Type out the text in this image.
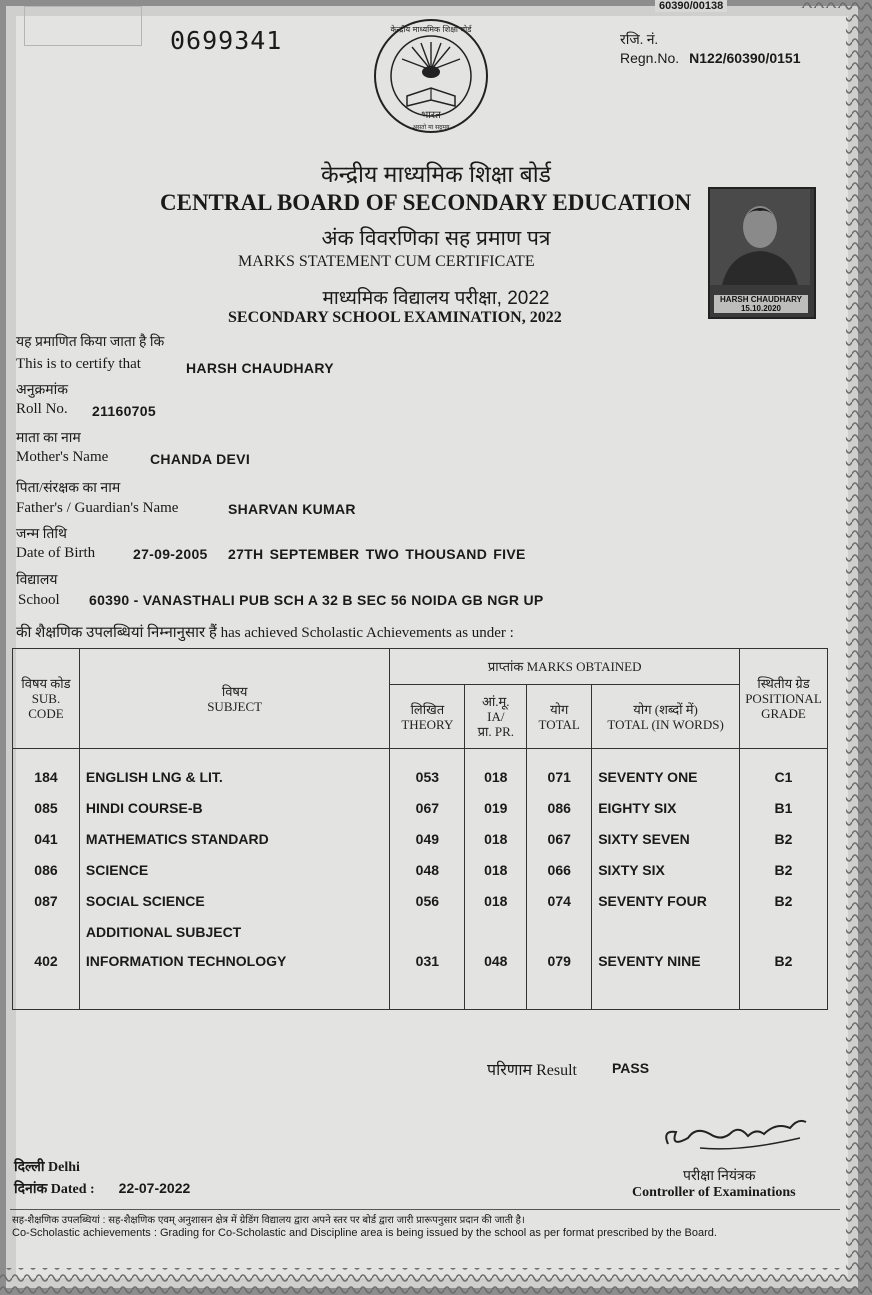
60390/00138
0699341	रजि. नं.
Regn.No. N122/60390/0151
केन्द्रीय माध्यमिक शिक्षा बोर्ड
भारत
असतो मा सद्गमय
केन्द्रीय माध्यमिक शिक्षा बोर्ड
CENTRAL BOARD OF SECONDARY EDUCATION
अंक विवरणिका सह प्रमाण पत्र
MARKS STATEMENT CUM CERTIFICATE
माध्यमिक विद्यालय परीक्षा, 2022
SECONDARY SCHOOL EXAMINATION, 2022
HARSH CHAUDHARY
15.10.2020
यह प्रमाणित किया जाता है कि
This is to certify that	HARSH CHAUDHARY
अनुक्रमांक
Roll No. 21160705
माता का नाम
Mother's Name	CHANDA DEVI
पिता/संरक्षक का नाम
Father's / Guardian's Name	SHARVAN KUMAR
जन्म तिथि
Date of Birth	27-09-2005 27TH SEPTEMBER TWO THOUSAND FIVE
विद्यालय
School 60390 - VANASTHALI PUB SCH A 32 B SEC 56 NOIDA GB NGR UP
की शैक्षणिक उपलब्धियां निम्नानुसार हैं has achieved Scholastic Achievements as under :
विषय कोड
SUB. CODE	विषय
SUBJECT	प्राप्तांक MARKS OBTAINED				स्थितीय ग्रेड
POSITIONAL GRADE
		लिखित
THEORY	आं.मू.
IA/
प्रा. PR.	योग
TOTAL	योग (शब्दों में)
TOTAL (IN WORDS)	
184	ENGLISH LNG & LIT.	053	018	071	SEVENTY ONE	C1
085	HINDI COURSE-B	067	019	086	EIGHTY SIX	B1
041	MATHEMATICS STANDARD	049	018	067	SIXTY SEVEN	B2
086	SCIENCE	048	018	066	SIXTY SIX	B2
087	SOCIAL SCIENCE	056	018	074	SEVENTY FOUR	B2
	ADDITIONAL SUBJECT					
402	INFORMATION TECHNOLOGY	031	048	079	SEVENTY NINE	B2
परिणाम Result	PASS
दिल्ली Delhi
दिनांक Dated : 22-07-2022
परीक्षा नियंत्रक
Controller of Examinations
सह-शैक्षणिक उपलब्धियां : सह-शैक्षणिक एवम् अनुशासन क्षेत्र में ग्रेडिंग विद्यालय द्वारा अपने स्तर पर बोर्ड द्वारा जारी प्रारूपनुसार प्रदान की जाती है।
Co-Scholastic achievements : Grading for Co-Scholastic and Discipline area is being issued by the school as per format prescribed by the Board.
